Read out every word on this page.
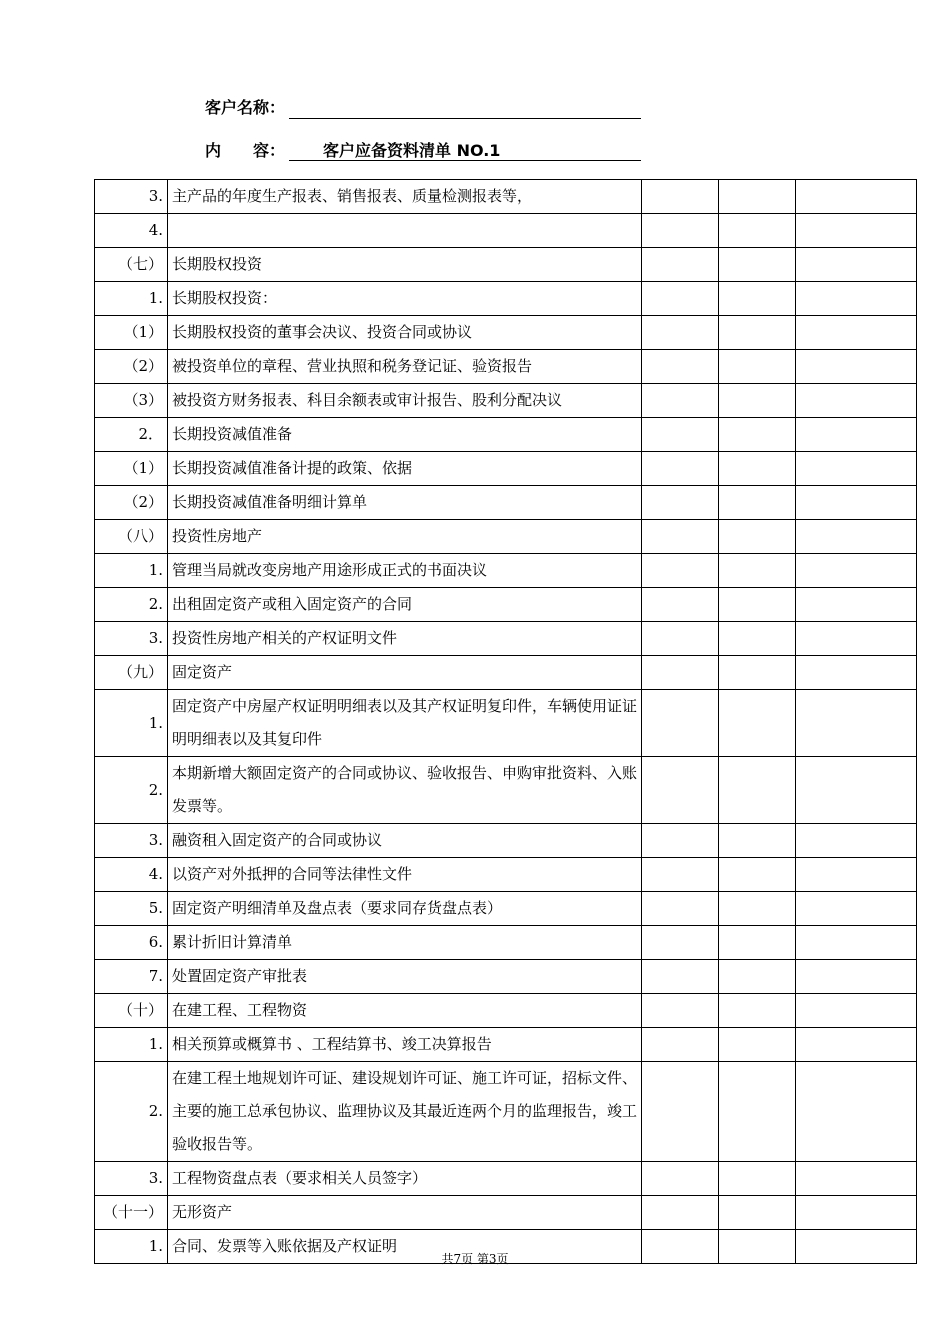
客户名称：
内　　容： 客户应备资料清单 NO.1
3.	主产品的年度生产报表、销售报表、质量检测报表等，			
4.				
（七）	长期股权投资			
1.	长期股权投资：			
（1）	长期股权投资的董事会决议、投资合同或协议			
（2）	被投资单位的章程、营业执照和税务登记证、验资报告			
（3）	被投资方财务报表、科目余额表或审计报告、股利分配决议			
2．	长期投资减值准备			
（1）	长期投资减值准备计提的政策、依据			
（2）	长期投资减值准备明细计算单			
（八）	投资性房地产			
1.	管理当局就改变房地产用途形成正式的书面决议			
2.	出租固定资产或租入固定资产的合同			
3.	投资性房地产相关的产权证明文件			
（九）	固定资产			
1.	固定资产中房屋产权证明明细表以及其产权证明复印件，车辆使用证证明明细表以及其复印件			
2.	本期新增大额固定资产的合同或协议、验收报告、申购审批资料、入账发票等。			
3.	融资租入固定资产的合同或协议			
4.	以资产对外抵押的合同等法律性文件			
5.	固定资产明细清单及盘点表（要求同存货盘点表）			
6.	累计折旧计算清单			
7.	处置固定资产审批表			
（十）	在建工程、工程物资			
1.	相关预算或概算书 、工程结算书、竣工决算报告			
2.	在建工程土地规划许可证、建设规划许可证、施工许可证，招标文件、主要的施工总承包协议、监理协议及其最近连两个月的监理报告，竣工验收报告等。			
3.	工程物资盘点表（要求相关人员签字）			
（十一）	无形资产			
1.	合同、发票等入账依据及产权证明			
共7页 第3页
